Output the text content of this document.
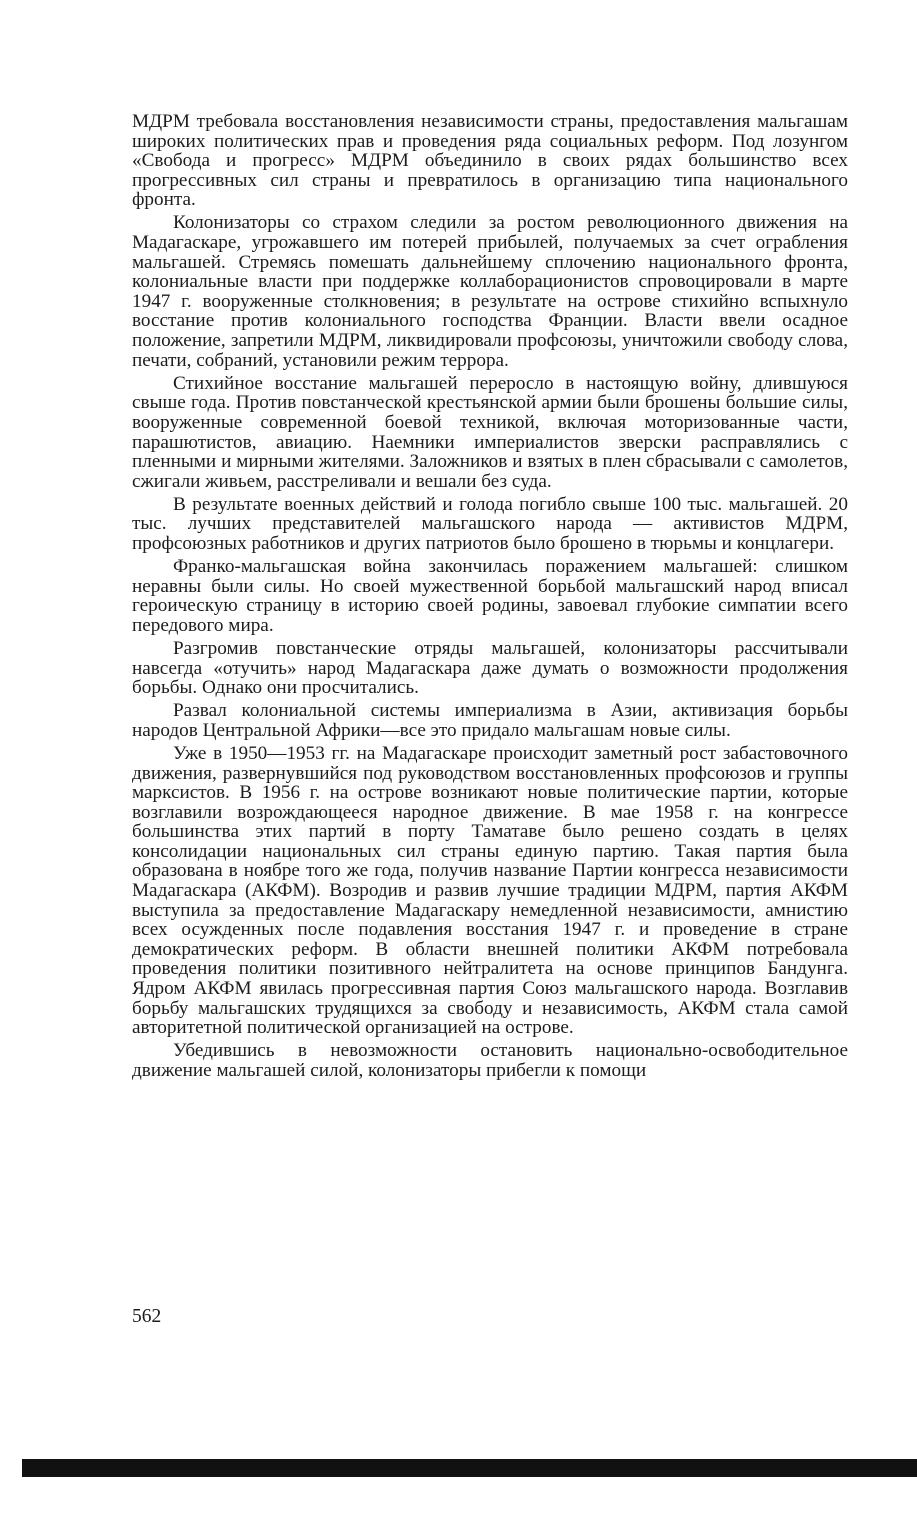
МДРМ требовала восстановления независимости страны, предоставления мальгашам широких политических прав и проведения ряда социальных реформ. Под лозунгом «Свобода и прогресс» МДРМ объединило в своих рядах большинство всех прогрессивных сил страны и превратилось в организацию типа национального фронта.

Колонизаторы со страхом следили за ростом революционного движения на Мадагаскаре, угрожавшего им потерей прибылей, получаемых за счет ограбления мальгашей. Стремясь помешать дальнейшему сплочению национального фронта, колониальные власти при поддержке коллаборационистов спровоцировали в марте 1947 г. вооруженные столкновения; в результате на острове стихийно вспыхнуло восстание против колониального господства Франции. Власти ввели осадное положение, запретили МДРМ, ликвидировали профсоюзы, уничтожили свободу слова, печати, собраний, установили режим террора.

Стихийное восстание мальгашей переросло в настоящую войну, длившуюся свыше года. Против повстанческой крестьянской армии были брошены большие силы, вооруженные современной боевой техникой, включая моторизованные части, парашютистов, авиацию. Наемники империалистов зверски расправлялись с пленными и мирными жителями. Заложников и взятых в плен сбрасывали с самолетов, сжигали живьем, расстреливали и вешали без суда.

В результате военных действий и голода погибло свыше 100 тыс. мальгашей. 20 тыс. лучших представителей мальгашского народа — активистов МДРМ, профсоюзных работников и других патриотов было брошено в тюрьмы и концлагери.

Франко-мальгашская война закончилась поражением мальгашей: слишком неравны были силы. Но своей мужественной борьбой мальгашский народ вписал героическую страницу в историю своей родины, завоевал глубокие симпатии всего передового мира.

Разгромив повстанческие отряды мальгашей, колонизаторы рассчитывали навсегда «отучить» народ Мадагаскара даже думать о возможности продолжения борьбы. Однако они просчитались.

Развал колониальной системы империализма в Азии, активизация борьбы народов Центральной Африки—все это придало мальгашам новые силы.

Уже в 1950—1953 гг. на Мадагаскаре происходит заметный рост забастовочного движения, развернувшийся под руководством восстановленных профсоюзов и группы марксистов. В 1956 г. на острове возникают новые политические партии, которые возглавили возрождающееся народное движение. В мае 1958 г. на конгрессе большинства этих партий в порту Таматаве было решено создать в целях консолидации национальных сил страны единую партию. Такая партия была образована в ноябре того же года, получив название Партии конгресса независимости Мадагаскара (АКФМ). Возродив и развив лучшие традиции МДРМ, партия АКФМ выступила за предоставление Мадагаскару немедленной независимости, амнистию всех осужденных после подавления восстания 1947 г. и проведение в стране демократических реформ. В области внешней политики АКФМ потребовала проведения политики позитивного нейтралитета на основе принципов Бандунга. Ядром АКФМ явилась прогрессивная партия Союз мальгашского народа. Возглавив борьбу мальгашских трудящихся за свободу и независимость, АКФМ стала самой авторитетной политической организацией на острове.

Убедившись в невозможности остановить национально-освободительное движение мальгашей силой, колонизаторы прибегли к помощи

562
